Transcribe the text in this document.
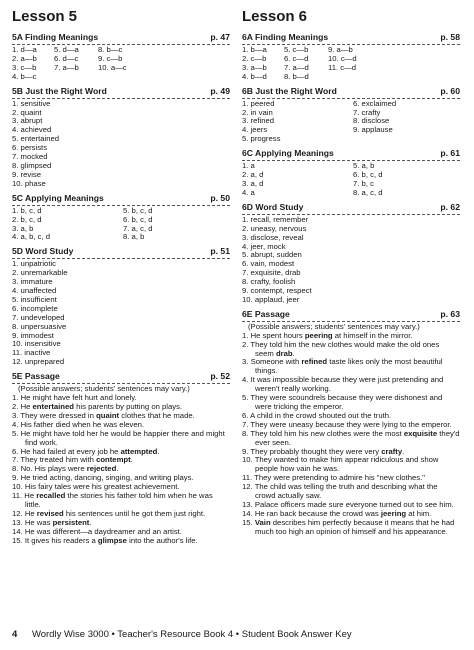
Lesson 5
5A Finding Meanings	p. 47
1. d—a
2. a—b
3. c—b
4. b—c
5. d—a
6. d—c
7. a—b
8. b—c
9. c—b
10. a—c
5B Just the Right Word	p. 49
1. sensitive
2. quaint
3. abrupt
4. achieved
5. entertained
6. persists
7. mocked
8. glimpsed
9. revise
10. phase
5C Applying Meanings	p. 50
1. b, c, d
2. b, c, d
3. a, b
4. a, b, c, d
5. b, c, d
6. b, c, d
7. a, c, d
8. a, b
5D Word Study	p. 51
1. unpatriotic
2. unremarkable
3. immature
4. unaffected
5. insufficient
6. incomplete
7. undeveloped
8. unpersuasive
9. immodest
10. insensitive
11. inactive
12. unprepared
5E Passage	p. 52
(Possible answers; students' sentences may vary.)
1. He might have felt hurt and lonely.
2. He entertained his parents by putting on plays.
3. They were dressed in quaint clothes that he made.
4. His father died when he was eleven.
5. He might have told her he would be happier there and might find work.
6. He had failed at every job he attempted.
7. They treated him with contempt.
8. No. His plays were rejected.
9. He tried acting, dancing, singing, and writing plays.
10. His fairy tales were his greatest achievement.
11. He recalled the stories his father told him when he was little.
12. He revised his sentences until he got them just right.
13. He was persistent.
14. He was different—a daydreamer and an artist.
15. It gives his readers a glimpse into the author's life.
Lesson 6
6A Finding Meanings	p. 58
1. b—a
2. c—b
3. a—b
4. b—d
5. c—b
6. c—d
7. a—d
8. b—d
9. a—b
10. c—d
11. c—d
6B Just the Right Word	p. 60
1. peered
2. in vain
3. refined
4. jeers
5. progress
6. exclaimed
7. crafty
8. disclose
9. applause
6C Applying Meanings	p. 61
1. a
2. a, d
3. a, d
4. a
5. a, b
6. b, c, d
7. b, c
8. a, c, d
6D Word Study	p. 62
1. recall, remember
2. uneasy, nervous
3. disclose, reveal
4. jeer, mock
5. abrupt, sudden
6. vain, modest
7. exquisite, drab
8. crafty, foolish
9. contempt, respect
10. applaud, jeer
6E Passage	p. 63
(Possible answers; students' sentences may vary.)
1. He spent hours peering at himself in the mirror.
2. They told him the new clothes would make the old ones seem drab.
3. Someone with refined taste likes only the most beautiful things.
4. It was impossible because they were just pretending and weren't really working.
5. They were scoundrels because they were dishonest and were tricking the emperor.
6. A child in the crowd shouted out the truth.
7. They were uneasy because they were lying to the emperor.
8. They told him his new clothes were the most exquisite they'd ever seen.
9. They probably thought they were very crafty.
10. They wanted to make him appear ridiculous and show people how vain he was.
11. They were pretending to admire his "new clothes."
12. The child was telling the truth and describing what the crowd actually saw.
13. Palace officers made sure everyone turned out to see him.
14. He ran back because the crowd was jeering at him.
15. Vain describes him perfectly because it means that he had much too high an opinion of himself and his appearance.
4 Wordly Wise 3000 • Teacher's Resource Book 4 • Student Book Answer Key
